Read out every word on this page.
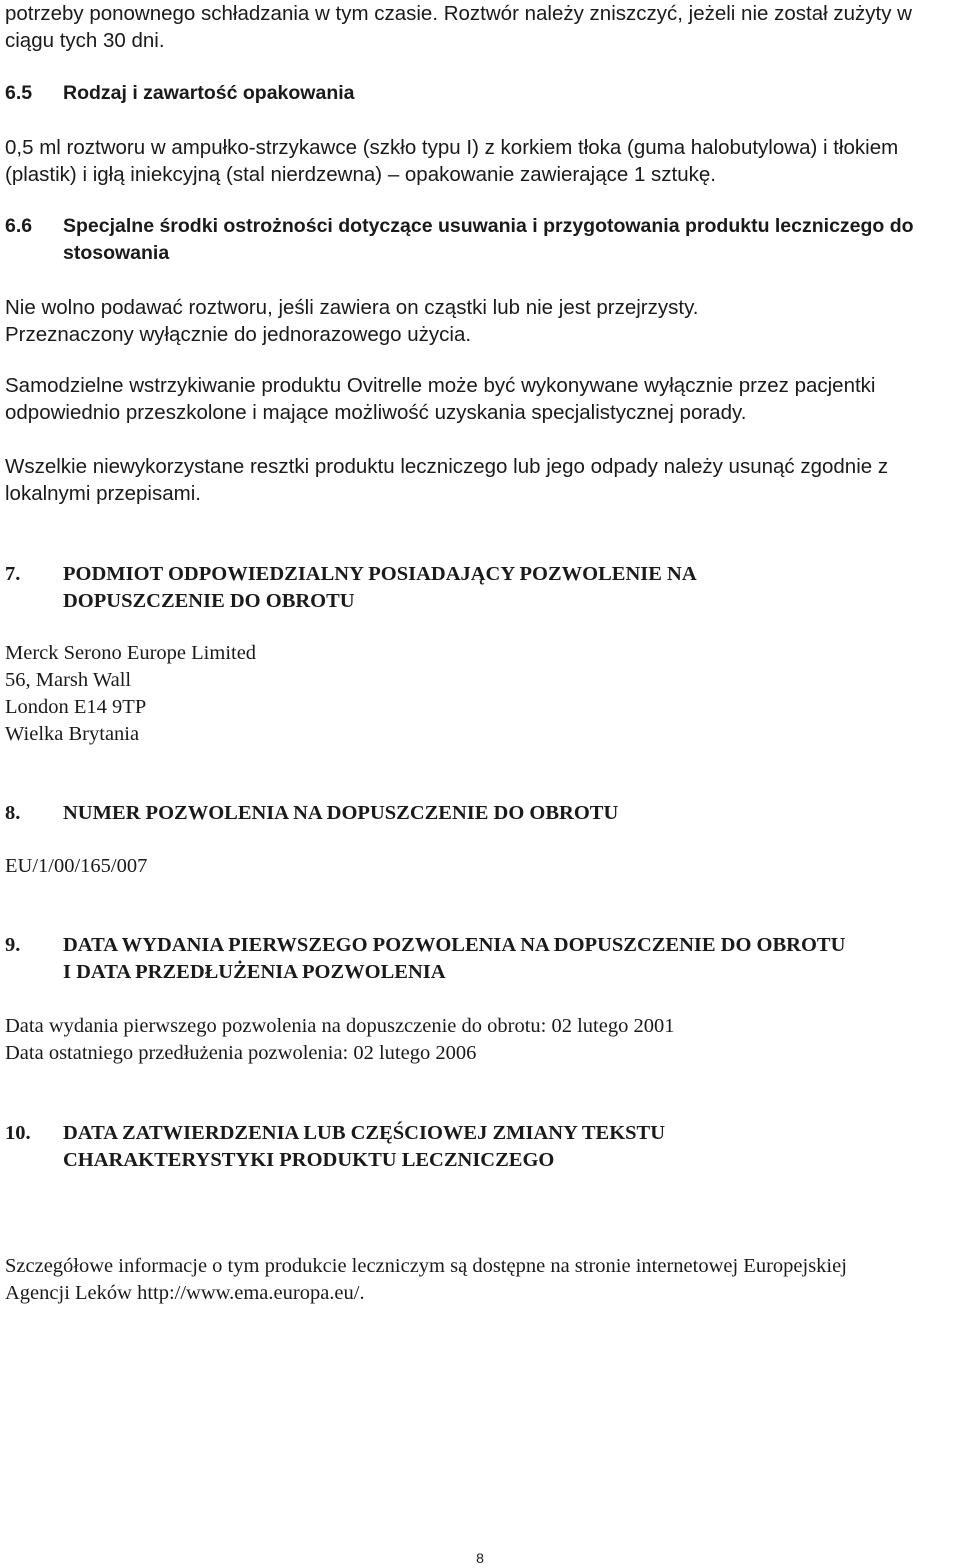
potrzeby ponownego schładzania w tym czasie. Roztwór należy zniszczyć, jeżeli nie został zużyty w
ciągu tych 30 dni.
6.5	Rodzaj i zawartość opakowania
0,5 ml roztworu w ampułko-strzykawce (szkło typu I) z korkiem tłoka (guma halobutylowa) i tłokiem
(plastik) i igłą iniekcyjną (stal nierdzewna) – opakowanie zawierające 1 sztukę.
6.6	Specjalne środki ostrożności dotyczące usuwania i przygotowania produktu leczniczego do
stosowania
Nie wolno podawać roztworu, jeśli zawiera on cząstki lub nie jest przejrzysty.
Przeznaczony wyłącznie do jednorazowego użycia.
Samodzielne wstrzykiwanie produktu Ovitrelle może być wykonywane wyłącznie przez pacjentki
odpowiednio przeszkolone i mające możliwość uzyskania specjalistycznej porady.
Wszelkie niewykorzystane resztki produktu leczniczego lub jego odpady należy usunąć zgodnie z
lokalnymi przepisami.
7.	PODMIOT ODPOWIEDZIALNY POSIADAJĄCY POZWOLENIE NA
DOPUSZCZENIE DO OBROTU
Merck Serono Europe Limited
56, Marsh Wall
London E14 9TP
Wielka Brytania
8.	NUMER POZWOLENIA NA DOPUSZCZENIE DO OBROTU
EU/1/00/165/007
9.	DATA WYDANIA PIERWSZEGO POZWOLENIA NA DOPUSZCZENIE DO OBROTU
I DATA PRZEDŁUŻENIA POZWOLENIA
Data wydania pierwszego pozwolenia na dopuszczenie do obrotu: 02 lutego 2001
Data ostatniego przedłużenia pozwolenia: 02 lutego 2006
10.	DATA ZATWIERDZENIA LUB CZĘŚCIOWEJ ZMIANY TEKSTU
CHARAKTERYSTYKI PRODUKTU LECZNICZEGO
Szczegółowe informacje o tym produkcie leczniczym są dostępne na stronie internetowej Europejskiej
Agencji Leków http://www.ema.europa.eu/.
8
